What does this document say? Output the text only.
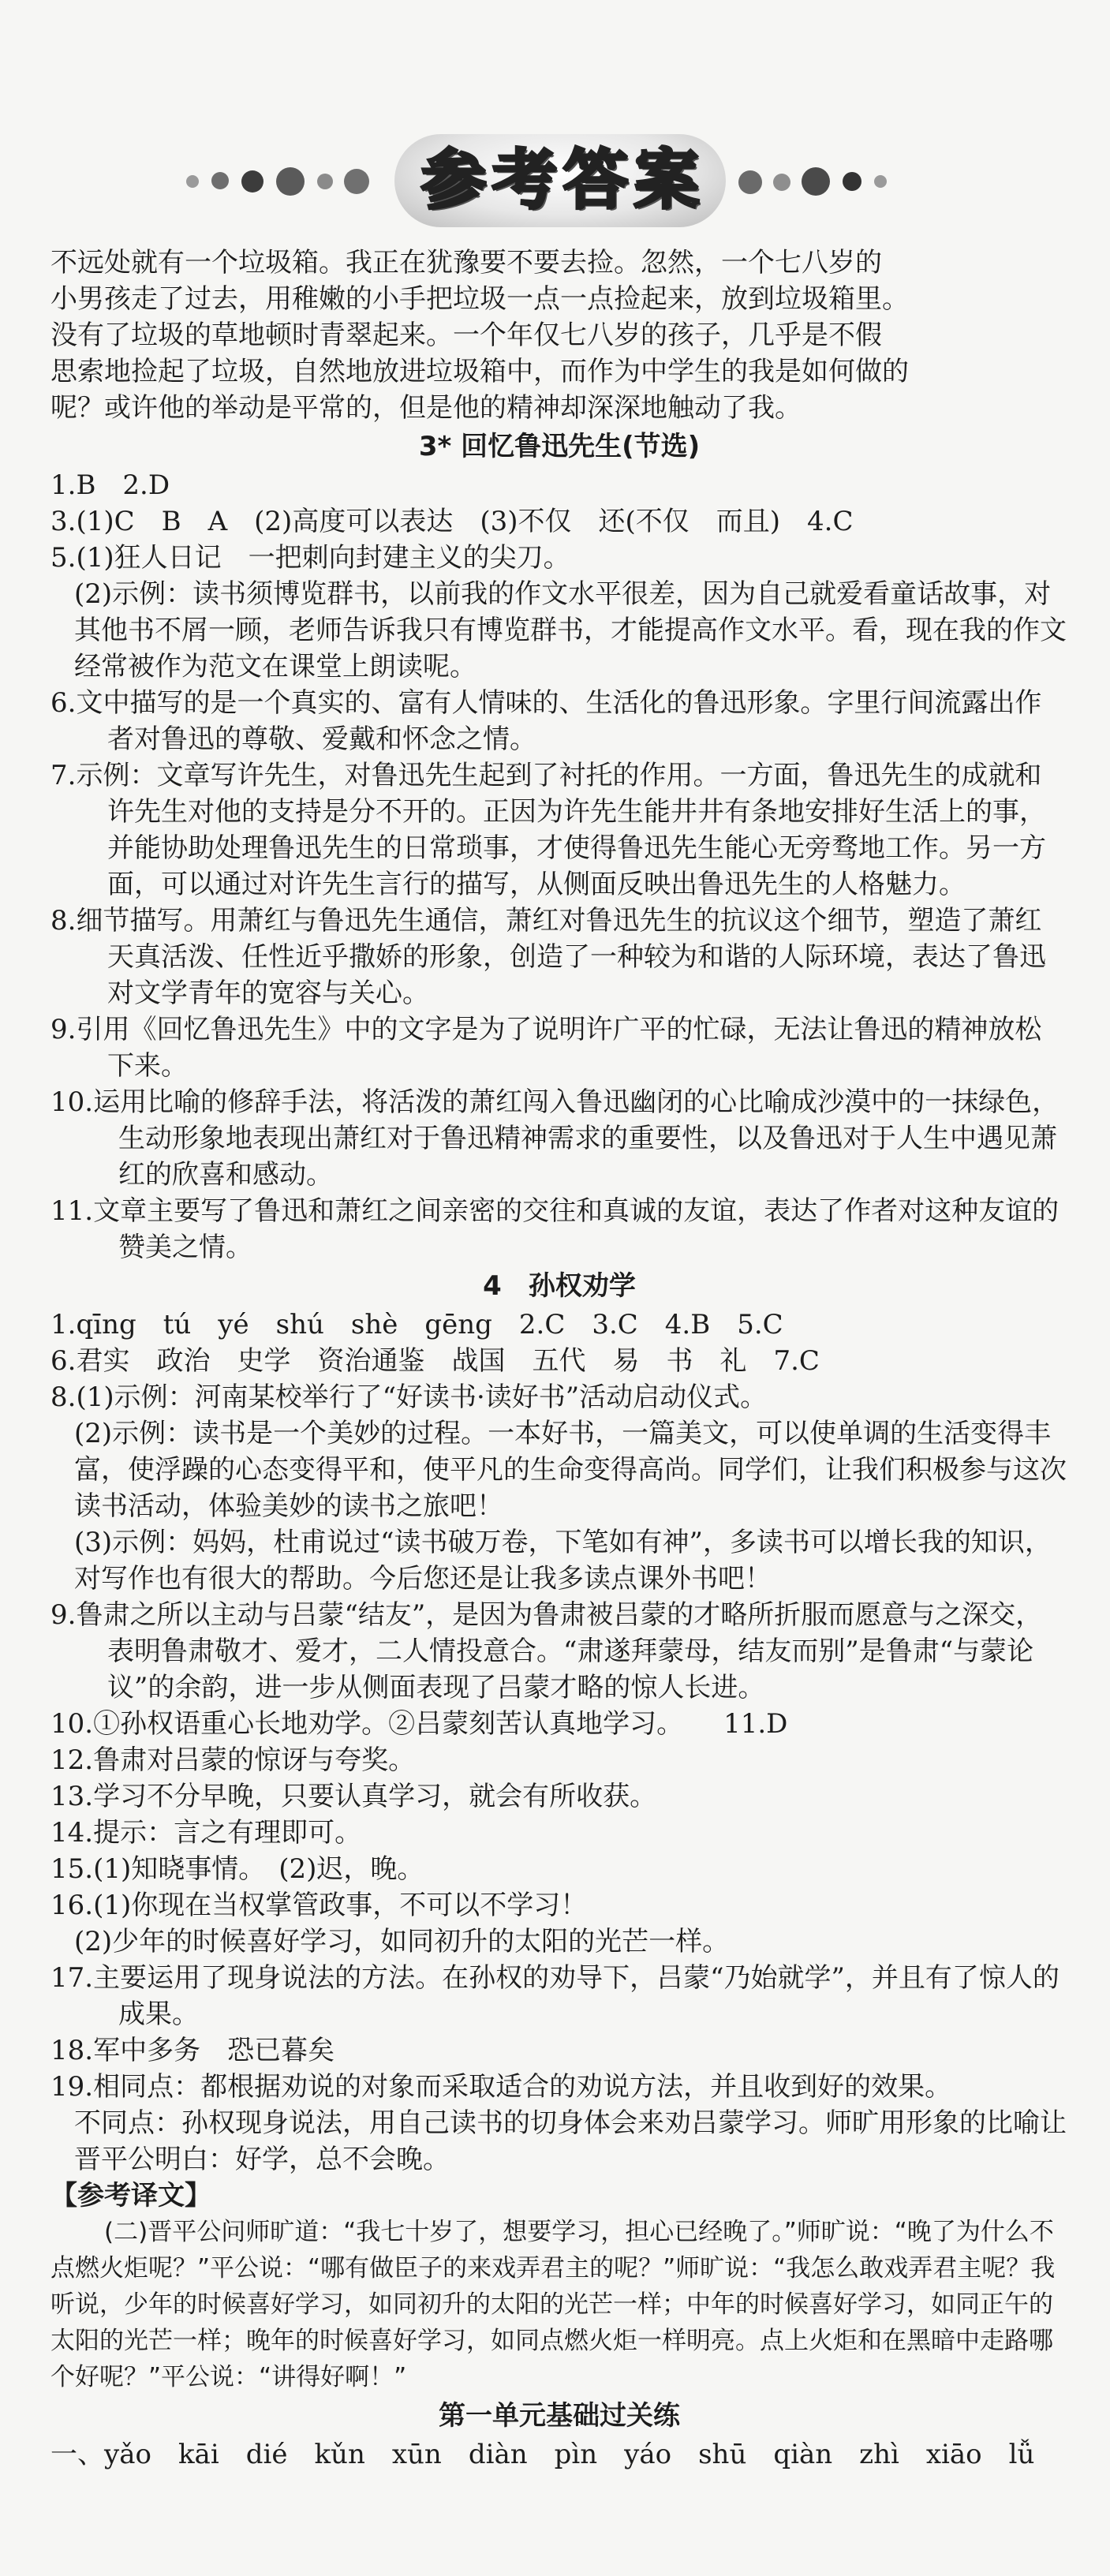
参 考 答 案

不远处就有一个垃圾箱。我正在犹豫要不要去捡。忽然，一个七八岁的

小男孩走了过去，用稚嫩的小手把垃圾一点一点捡起来，放到垃圾箱里。

没有了垃圾的草地顿时青翠起来。一个年仅七八岁的孩子，几乎是不假

思索地捡起了垃圾，自然地放进垃圾箱中，而作为中学生的我是如何做的

呢？或许他的举动是平常的，但是他的精神却深深地触动了我。

3* 回忆鲁迅先生(节选)

1.B　2.D

3.(1)C　B　A　(2)高度可以表达　(3)不仅　还(不仅　而且)　4.C

5.(1)狂人日记　一把刺向封建主义的尖刀。

(2)示例：读书须博览群书，以前我的作文水平很差，因为自己就爱看童话故事，对其他书不屑一顾，老师告诉我只有博览群书，才能提高作文水平。看，现在我的作文经常被作为范文在课堂上朗读呢。

6.文中描写的是一个真实的、富有人情味的、生活化的鲁迅形象。字里行间流露出作者对鲁迅的尊敬、爱戴和怀念之情。

7.示例：文章写许先生，对鲁迅先生起到了衬托的作用。一方面，鲁迅先生的成就和许先生对他的支持是分不开的。正因为许先生能井井有条地安排好生活上的事，并能协助处理鲁迅先生的日常琐事，才使得鲁迅先生能心无旁骛地工作。另一方面，可以通过对许先生言行的描写，从侧面反映出鲁迅先生的人格魅力。

8.细节描写。用萧红与鲁迅先生通信，萧红对鲁迅先生的抗议这个细节，塑造了萧红天真活泼、任性近乎撒娇的形象，创造了一种较为和谐的人际环境，表达了鲁迅对文学青年的宽容与关心。

9.引用《回忆鲁迅先生》中的文字是为了说明许广平的忙碌，无法让鲁迅的精神放松下来。

10.运用比喻的修辞手法，将活泼的萧红闯入鲁迅幽闭的心比喻成沙漠中的一抹绿色，生动形象地表现出萧红对于鲁迅精神需求的重要性，以及鲁迅对于人生中遇见萧红的欣喜和感动。

11.文章主要写了鲁迅和萧红之间亲密的交往和真诚的友谊，表达了作者对这种友谊的赞美之情。

4　孙权劝学

1.qīng　tú　yé　shú　shè　gēng　2.C　3.C　4.B　5.C

6.君实　政治　史学　资治通鉴　战国　五代　易　书　礼　7.C

8.(1)示例：河南某校举行了“好读书·读好书”活动启动仪式。

(2)示例：读书是一个美妙的过程。一本好书，一篇美文，可以使单调的生活变得丰富，使浮躁的心态变得平和，使平凡的生命变得高尚。同学们，让我们积极参与这次读书活动，体验美妙的读书之旅吧！

(3)示例：妈妈，杜甫说过“读书破万卷，下笔如有神”，多读书可以增长我的知识，对写作也有很大的帮助。今后您还是让我多读点课外书吧！

9.鲁肃之所以主动与吕蒙“结友”，是因为鲁肃被吕蒙的才略所折服而愿意与之深交，表明鲁肃敬才、爱才，二人情投意合。“肃遂拜蒙母，结友而别”是鲁肃“与蒙论议”的余韵，进一步从侧面表现了吕蒙才略的惊人长进。

10.①孙权语重心长地劝学。②吕蒙刻苦认真地学习。　　11.D

12.鲁肃对吕蒙的惊讶与夸奖。

13.学习不分早晚，只要认真学习，就会有所收获。

14.提示：言之有理即可。

15.(1)知晓事情。　(2)迟，晚。

16.(1)你现在当权掌管政事，不可以不学习！

(2)少年的时候喜好学习，如同初升的太阳的光芒一样。

17.主要运用了现身说法的方法。在孙权的劝导下，吕蒙“乃始就学”，并且有了惊人的成果。

18.军中多务　恐已暮矣

19.相同点：都根据劝说的对象而采取适合的劝说方法，并且收到好的效果。

不同点：孙权现身说法，用自己读书的切身体会来劝吕蒙学习。师旷用形象的比喻让晋平公明白：好学，总不会晚。

【参考译文】

(二)晋平公问师旷道：“我七十岁了，想要学习，担心已经晚了。”师旷说：“晚了为什么不点燃火炬呢？”平公说：“哪有做臣子的来戏弄君主的呢？”师旷说：“我怎么敢戏弄君主呢？我听说，少年的时候喜好学习，如同初升的太阳的光芒一样；中年的时候喜好学习，如同正午的太阳的光芒一样；晚年的时候喜好学习，如同点燃火炬一样明亮。点上火炬和在黑暗中走路哪个好呢？”平公说：“讲得好啊！”

第一单元基础过关练

一、yǎo　kāi　dié　kǔn　xūn　diàn　pìn　yáo　shū　qiàn　zhì　xiāo　lǚ
